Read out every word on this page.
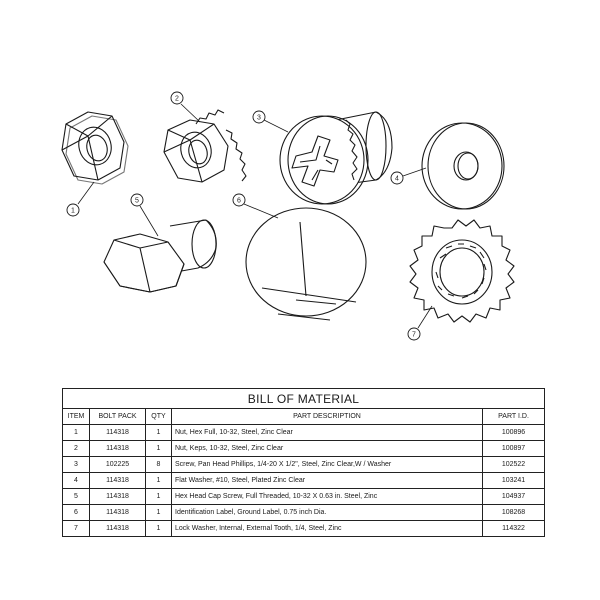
1
2
3
4
5	6
7
BILL OF MATERIAL				
ITEM	BOLT PACK	QTY	PART DESCRIPTION	PART I.D.
1	114318	1	Nut, Hex Full, 10-32, Steel, Zinc Clear	100896
2	114318	1	Nut, Keps, 10-32, Steel, Zinc Clear	100897
3	102225	8	Screw, Pan Head Phillips, 1/4-20 X 1/2", Steel, Zinc Clear,W / Washer	102522
4	114318	1	Flat Washer, #10, Steel, Plated Zinc Clear	103241
5	114318	1	Hex Head Cap Screw, Full Threaded, 10-32 X 0.63 in. Steel, Zinc	104937
6	114318	1	Identification Label, Ground Label, 0.75 inch Dia.	108268
7	114318	1	Lock Washer, Internal, External Tooth, 1/4, Steel, Zinc	114322
